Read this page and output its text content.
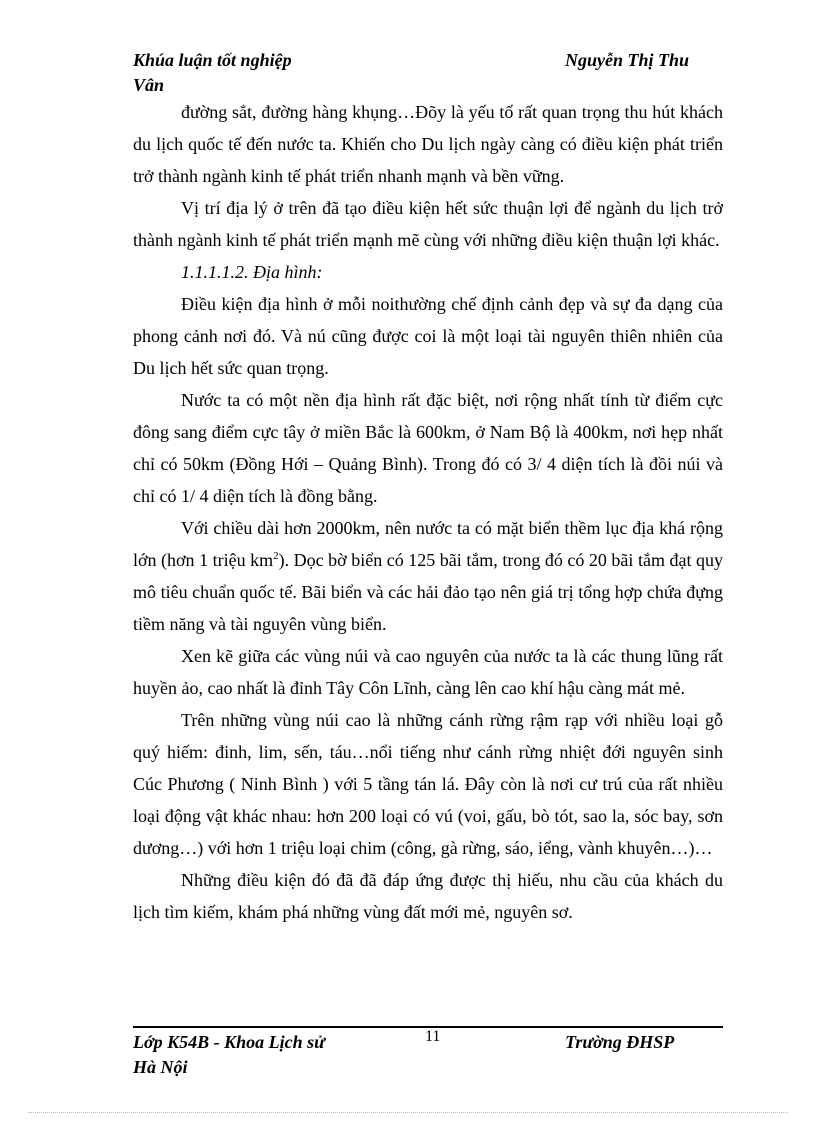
Khúa luận tốt nghiệp	Nguyễn Thị Thu
Vân

đường sắt, đường hàng khụng…Đõy là yếu tố rất quan trọng thu hút khách du lịch quốc tế đến nước ta. Khiến cho Du lịch ngày càng có điều kiện phát triển trở thành ngành kinh tế phát triển nhanh mạnh và bền vững.

Vị trí địa lý ở trên đã tạo điều kiện hết sức thuận lợi để ngành du lịch trở thành ngành kinh tế phát triển mạnh mẽ cùng với những điều kiện thuận lợi khác.

1.1.1.1.2. Địa hình:

Điều kiện địa hình ở mỗi noithường chế định cảnh đẹp và sự đa dạng của phong cảnh nơi đó. Và nú cũng được coi là một loại tài nguyên thiên nhiên của Du lịch hết sức quan trọng.

Nước ta có một nền địa hình rất đặc biệt, nơi rộng nhất tính từ điểm cực đông sang điểm cực tây ở miền Bắc là 600km, ở Nam Bộ là 400km, nơi hẹp nhất chỉ có 50km (Đồng Hới – Quảng Bình). Trong đó có 3/ 4 diện tích là đồi núi và chỉ có 1/ 4 diện tích là đồng bằng.

Với chiều dài hơn 2000km, nên nước ta có mặt biển thềm lục địa khá rộng lớn (hơn 1 triệu $km^2$). Dọc bờ biển có 125 bãi tắm, trong đó có 20 bãi tắm đạt quy mô tiêu chuẩn quốc tế. Bãi biển và các hải đảo tạo nên giá trị tổng hợp chứa đựng tiềm năng và tài nguyên vùng biển.

Xen kẽ giữa các vùng núi và cao nguyên của nước ta là các thung lũng rất huyền ảo, cao nhất là đỉnh Tây Côn Lĩnh, càng lên cao khí hậu càng mát mẻ.

Trên những vùng núi cao là những cánh rừng rậm rạp với nhiều loại gỗ quý hiếm: đinh, lim, sến, táu…nổi tiếng như cánh rừng nhiệt đới nguyên sinh Cúc Phương ( Ninh Bình ) với 5 tầng tán lá. Đây còn là nơi cư trú của rất nhiều loại động vật khác nhau: hơn 200 loại có vú (voi, gấu, bò tót, sao la, sóc bay, sơn dương…) với hơn 1 triệu loại chim (công, gà rừng, sáo, iểng, vành khuyên…)…

Những điều kiện đó đã đã đáp ứng được thị hiếu, nhu cầu của khách du lịch tìm kiếm, khám phá những vùng đất mới mẻ, nguyên sơ.

Lớp K54B - Khoa Lịch sử	Trường ĐHSP
Hà Nội
11
